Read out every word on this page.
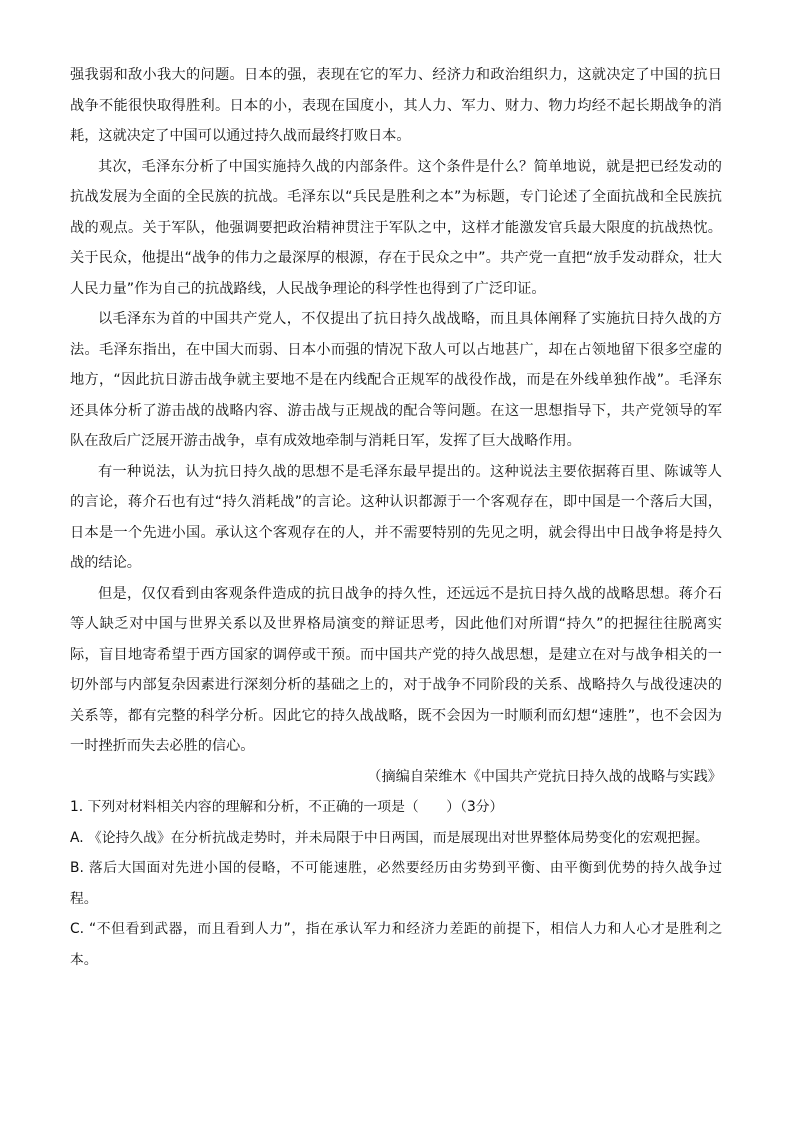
强我弱和敌小我大的问题。日本的强，表现在它的军力、经济力和政治组织力，这就决定了中国的抗日战争不能很快取得胜利。日本的小，表现在国度小，其人力、军力、财力、物力均经不起长期战争的消耗，这就决定了中国可以通过持久战而最终打败日本。

其次，毛泽东分析了中国实施持久战的内部条件。这个条件是什么？简单地说，就是把已经发动的抗战发展为全面的全民族的抗战。毛泽东以“兵民是胜利之本”为标题，专门论述了全面抗战和全民族抗战的观点。关于军队，他强调要把政治精神贯注于军队之中，这样才能激发官兵最大限度的抗战热忱。关于民众，他提出“战争的伟力之最深厚的根源，存在于民众之中”。共产党一直把“放手发动群众，壮大人民力量”作为自己的抗战路线，人民战争理论的科学性也得到了广泛印证。

以毛泽东为首的中国共产党人，不仅提出了抗日持久战战略，而且具体阐释了实施抗日持久战的方法。毛泽东指出，在中国大而弱、日本小而强的情况下敌人可以占地甚广，却在占领地留下很多空虚的地方，“因此抗日游击战争就主要地不是在内线配合正规军的战役作战，而是在外线单独作战”。毛泽东还具体分析了游击战的战略内容、游击战与正规战的配合等问题。在这一思想指导下，共产党领导的军队在敌后广泛展开游击战争，卓有成效地牵制与消耗日军，发挥了巨大战略作用。

有一种说法，认为抗日持久战的思想不是毛泽东最早提出的。这种说法主要依据蒋百里、陈诚等人的言论，蒋介石也有过“持久消耗战”的言论。这种认识都源于一个客观存在，即中国是一个落后大国，日本是一个先进小国。承认这个客观存在的人，并不需要特别的先见之明，就会得出中日战争将是持久战的结论。

但是，仅仅看到由客观条件造成的抗日战争的持久性，还远远不是抗日持久战的战略思想。蒋介石等人缺乏对中国与世界关系以及世界格局演变的辩证思考，因此他们对所谓“持久”的把握往往脱离实际，盲目地寄希望于西方国家的调停或干预。而中国共产党的持久战思想，是建立在对与战争相关的一切外部与内部复杂因素进行深刻分析的基础之上的，对于战争不同阶段的关系、战略持久与战役速决的关系等，都有完整的科学分析。因此它的持久战战略，既不会因为一时顺利而幻想“速胜”，也不会因为一时挫折而失去必胜的信心。

（摘编自荣维木《中国共产党抗日持久战的战略与实践》

1. 下列对材料相关内容的理解和分析，不正确的一项是（　　）（3分）

A. 《论持久战》在分析抗战走势时，并未局限于中日两国，而是展现出对世界整体局势变化的宏观把握。

B. 落后大国面对先进小国的侵略，不可能速胜，必然要经历由劣势到平衡、由平衡到优势的持久战争过程。

C. “不但看到武器，而且看到人力”，指在承认军力和经济力差距的前提下，相信人力和人心才是胜利之本。
